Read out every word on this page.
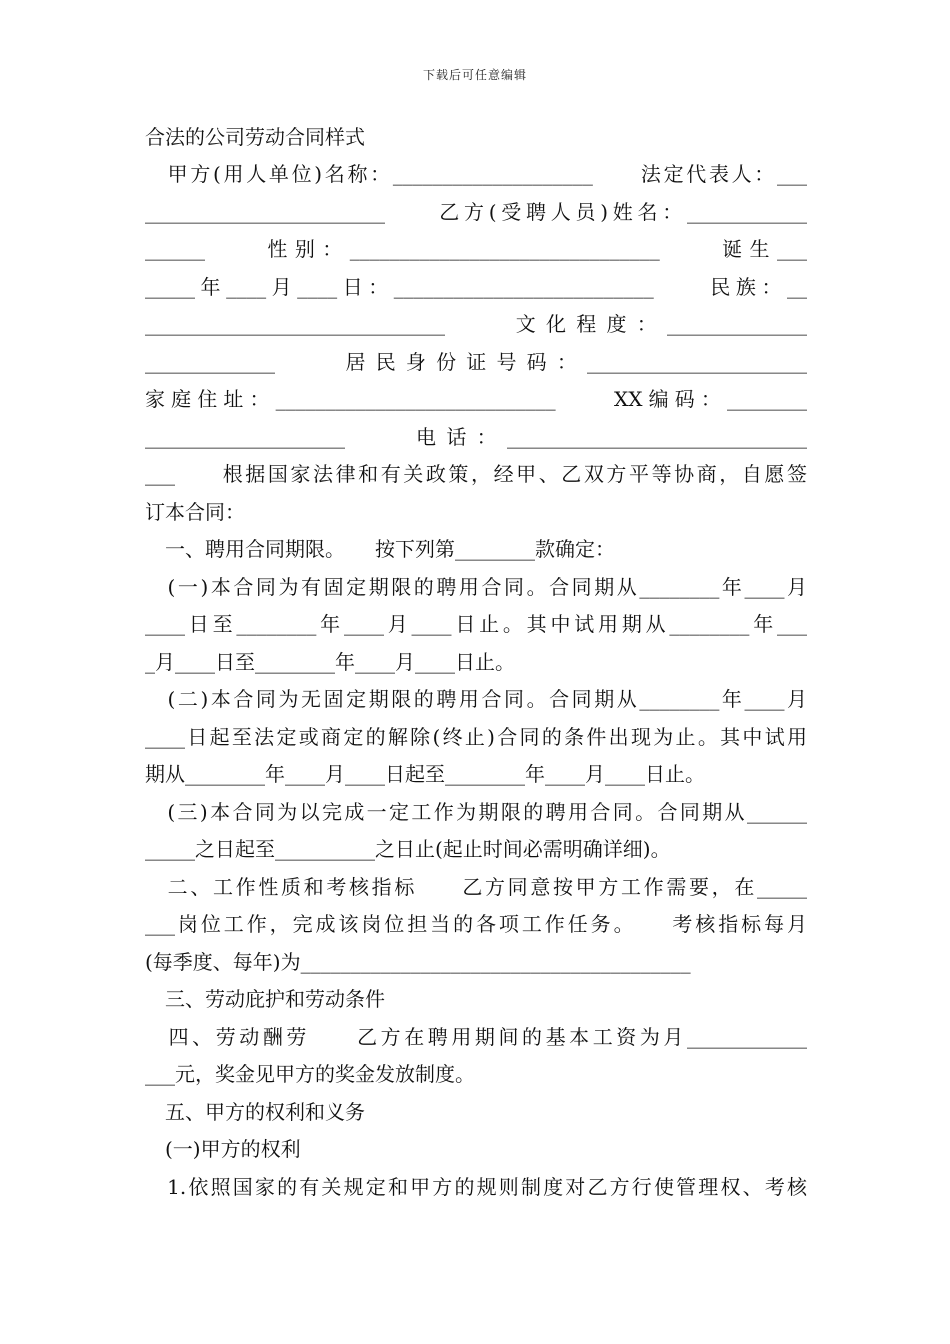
下载后可任意编辑
合法的公司劳动合同样式
　甲方(用人单位)名称：____________________　　法定代表人：___
________________________　　乙方(受聘人员)姓名：____________
______　　性别：_______________________________　　诞生___
_____年____月____日：__________________________　　民族：__
______________________________　　文化程度：______________
_____________　　居民身份证号码：______________________
家庭住址：____________________________　　XX编码：________
____________________　　电话：______________________________
___　　根据国家法律和有关政策，经甲、乙双方平等协商，自愿签
订本合同：
　一、聘用合同期限。　　按下列第________款确定：
　(一)本合同为有固定期限的聘用合同。合同期从________年____月
____日至________年____月____日止。其中试用期从________年___
_月____日至________年____月____日止。
　(二)本合同为无固定期限的聘用合同。合同期从________年____月
____日起至法定或商定的解除(终止)合同的条件出现为止。其中试用
期从________年____月____日起至________年____月____日止。
　(三)本合同为以完成一定工作为期限的聘用合同。合同期从______
_____之日起至__________之日止(起止时间必需明确详细)。
　二、工作性质和考核指标　　乙方同意按甲方工作需要，在_____
___岗位工作，完成该岗位担当的各项工作任务。　　考核指标每月
(每季度、每年)为_______________________________________
　三、劳动庇护和劳动条件
　四、劳动酬劳　　乙方在聘用期间的基本工资为月____________
___元，奖金见甲方的奖金发放制度。
　五、甲方的权利和义务
　(一)甲方的权利
　1.依照国家的有关规定和甲方的规则制度对乙方行使管理权、考核
